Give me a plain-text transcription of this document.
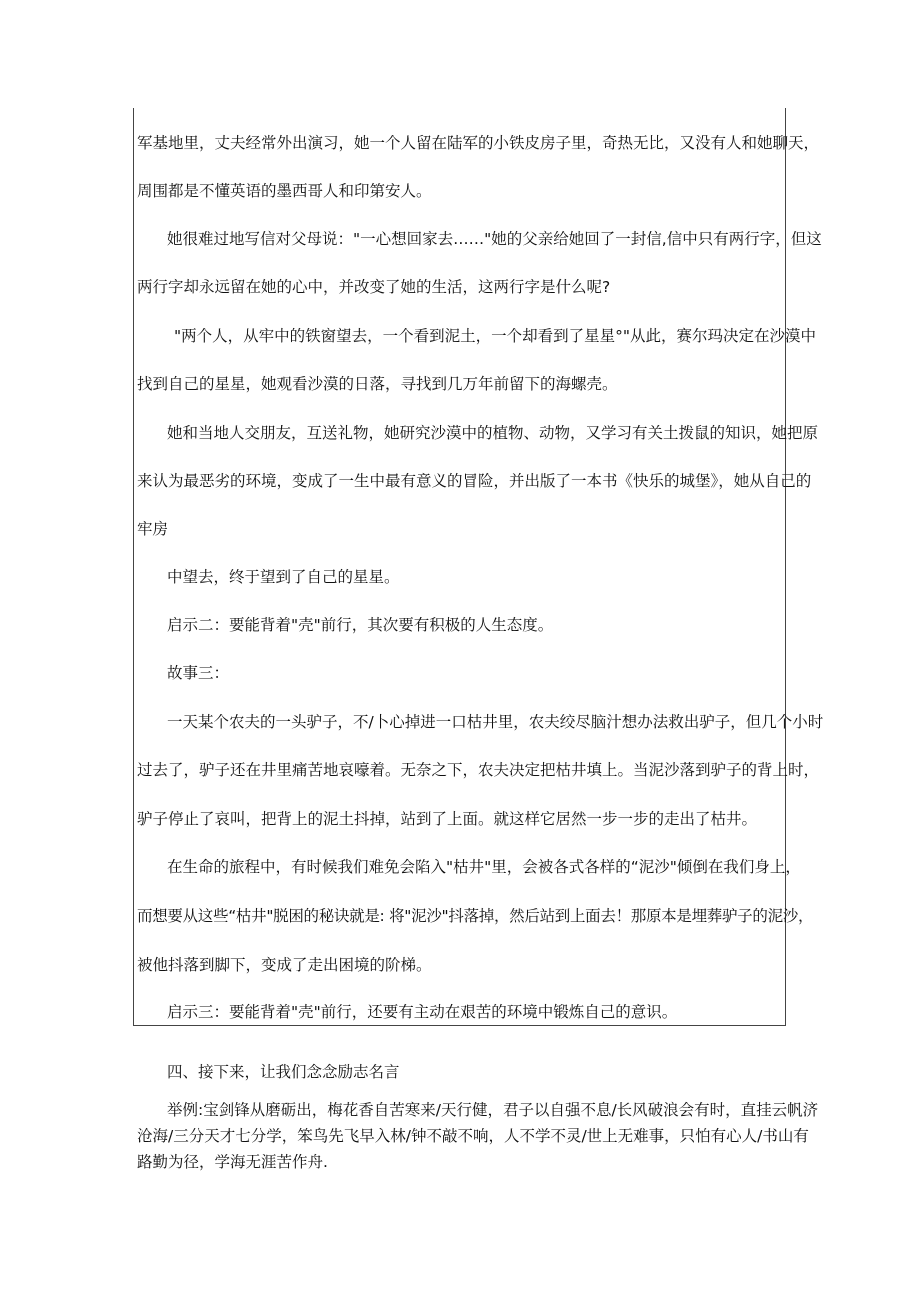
军基地里，丈夫经常外出演习，她一个人留在陆军的小铁皮房子里，奇热无比，又没有人和她聊天，
周围都是不懂英语的墨西哥人和印第安人。
她很难过地写信对父母说："一心想回家去……"她的父亲给她回了一封信,信中只有两行字，但这
两行字却永远留在她的心中，并改变了她的生活，这两行字是什么呢?
"两个人，从牢中的铁窗望去，一个看到泥土，一个却看到了星星°"从此，赛尔玛决定在沙漠中
找到自己的星星，她观看沙漠的日落，寻找到几万年前留下的海螺壳。
她和当地人交朋友，互送礼物，她研究沙漠中的植物、动物，又学习有关土拨鼠的知识，她把原
来认为最恶劣的环境，变成了一生中最有意义的冒险，并出版了一本书《快乐的城堡》，她从自己的
牢房
中望去，终于望到了自己的星星。
启示二：要能背着"壳"前行，其次要有积极的人生态度。
故事三：
一天某个农夫的一头驴子，不/卜心掉进一口枯井里，农夫绞尽脑汁想办法救出驴子，但几个小时
过去了，驴子还在井里痛苦地哀嚎着。无奈之下，农夫决定把枯井填上。当泥沙落到驴子的背上时，
驴子停止了哀叫，把背上的泥土抖掉，站到了上面。就这样它居然一步一步的走出了枯井。
在生命的旅程中，有时候我们难免会陷入"枯井"里，会被各式各样的“泥沙"倾倒在我们身上，
而想要从这些“枯井"脱困的秘诀就是: 将"泥沙"抖落掉，然后站到上面去！那原本是埋葬驴子的泥沙，
被他抖落到脚下，变成了走出困境的阶梯。
启示三：要能背着"壳"前行，还要有主动在艰苦的环境中锻炼自己的意识。
四、接下来，让我们念念励志名言
举例:宝剑锋从磨砺出，梅花香自苦寒来/天行健，君子以自强不息/长风破浪会有时，直挂云帆济
沧海/三分天才七分学，笨鸟先飞早入林/钟不敲不响，人不学不灵/世上无难事，只怕有心人/书山有
路勤为径，学海无涯苦作舟.
